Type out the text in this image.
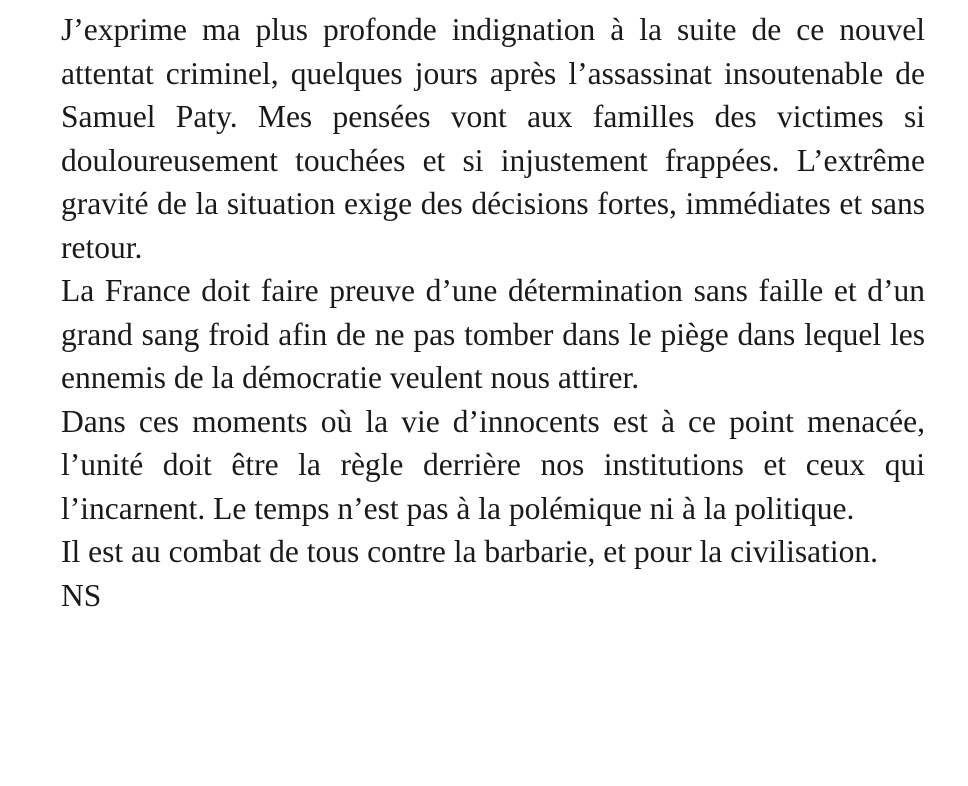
J’exprime ma plus profonde indignation à la suite de ce nouvel attentat criminel, quelques jours après l’assassinat insoutenable de Samuel Paty. Mes pensées vont aux familles des victimes si douloureusement touchées et si injustement frappées. L’extrême gravité de la situation exige des décisions fortes, immédiates et sans retour.

La France doit faire preuve d’une détermination sans faille et d’un grand sang froid afin de ne pas tomber dans le piège dans lequel les ennemis de la démocratie veulent nous attirer.

Dans ces moments où la vie d’innocents est à ce point menacée, l’unité doit être la règle derrière nos institutions et ceux qui l’incarnent. Le temps n’est pas à la polémique ni à la politique.

Il est au combat de tous contre la barbarie, et pour la civilisation.

NS
